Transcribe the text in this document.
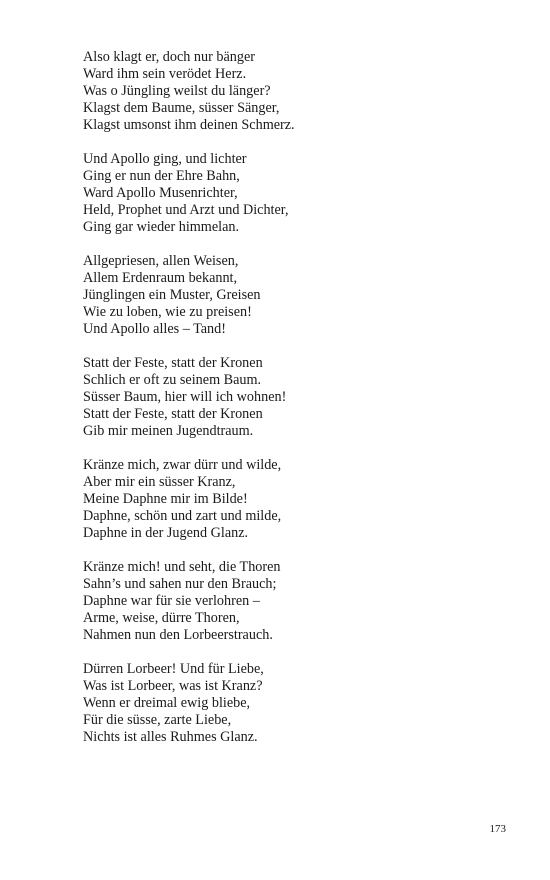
Also klagt er, doch nur bänger
Ward ihm sein verödet Herz.
Was o Jüngling weilst du länger?
Klagst dem Baume, süsser Sänger,
Klagst umsonst ihm deinen Schmerz.
Und Apollo ging, und lichter
Ging er nun der Ehre Bahn,
Ward Apollo Musenrichter,
Held, Prophet und Arzt und Dichter,
Ging gar wieder himmelan.
Allgepriesen, allen Weisen,
Allem Erdenraum bekannt,
Jünglingen ein Muster, Greisen
Wie zu loben, wie zu preisen!
Und Apollo alles – Tand!
Statt der Feste, statt der Kronen
Schlich er oft zu seinem Baum.
Süsser Baum, hier will ich wohnen!
Statt der Feste, statt der Kronen
Gib mir meinen Jugendtraum.
Kränze mich, zwar dürr und wilde,
Aber mir ein süsser Kranz,
Meine Daphne mir im Bilde!
Daphne, schön und zart und milde,
Daphne in der Jugend Glanz.
Kränze mich! und seht, die Thoren
Sahn’s und sahen nur den Brauch;
Daphne war für sie verlohren –
Arme, weise, dürre Thoren,
Nahmen nun den Lorbeerstrauch.
Dürren Lorbeer! Und für Liebe,
Was ist Lorbeer, was ist Kranz?
Wenn er dreimal ewig bliebe,
Für die süsse, zarte Liebe,
Nichts ist alles Ruhmes Glanz.
173
